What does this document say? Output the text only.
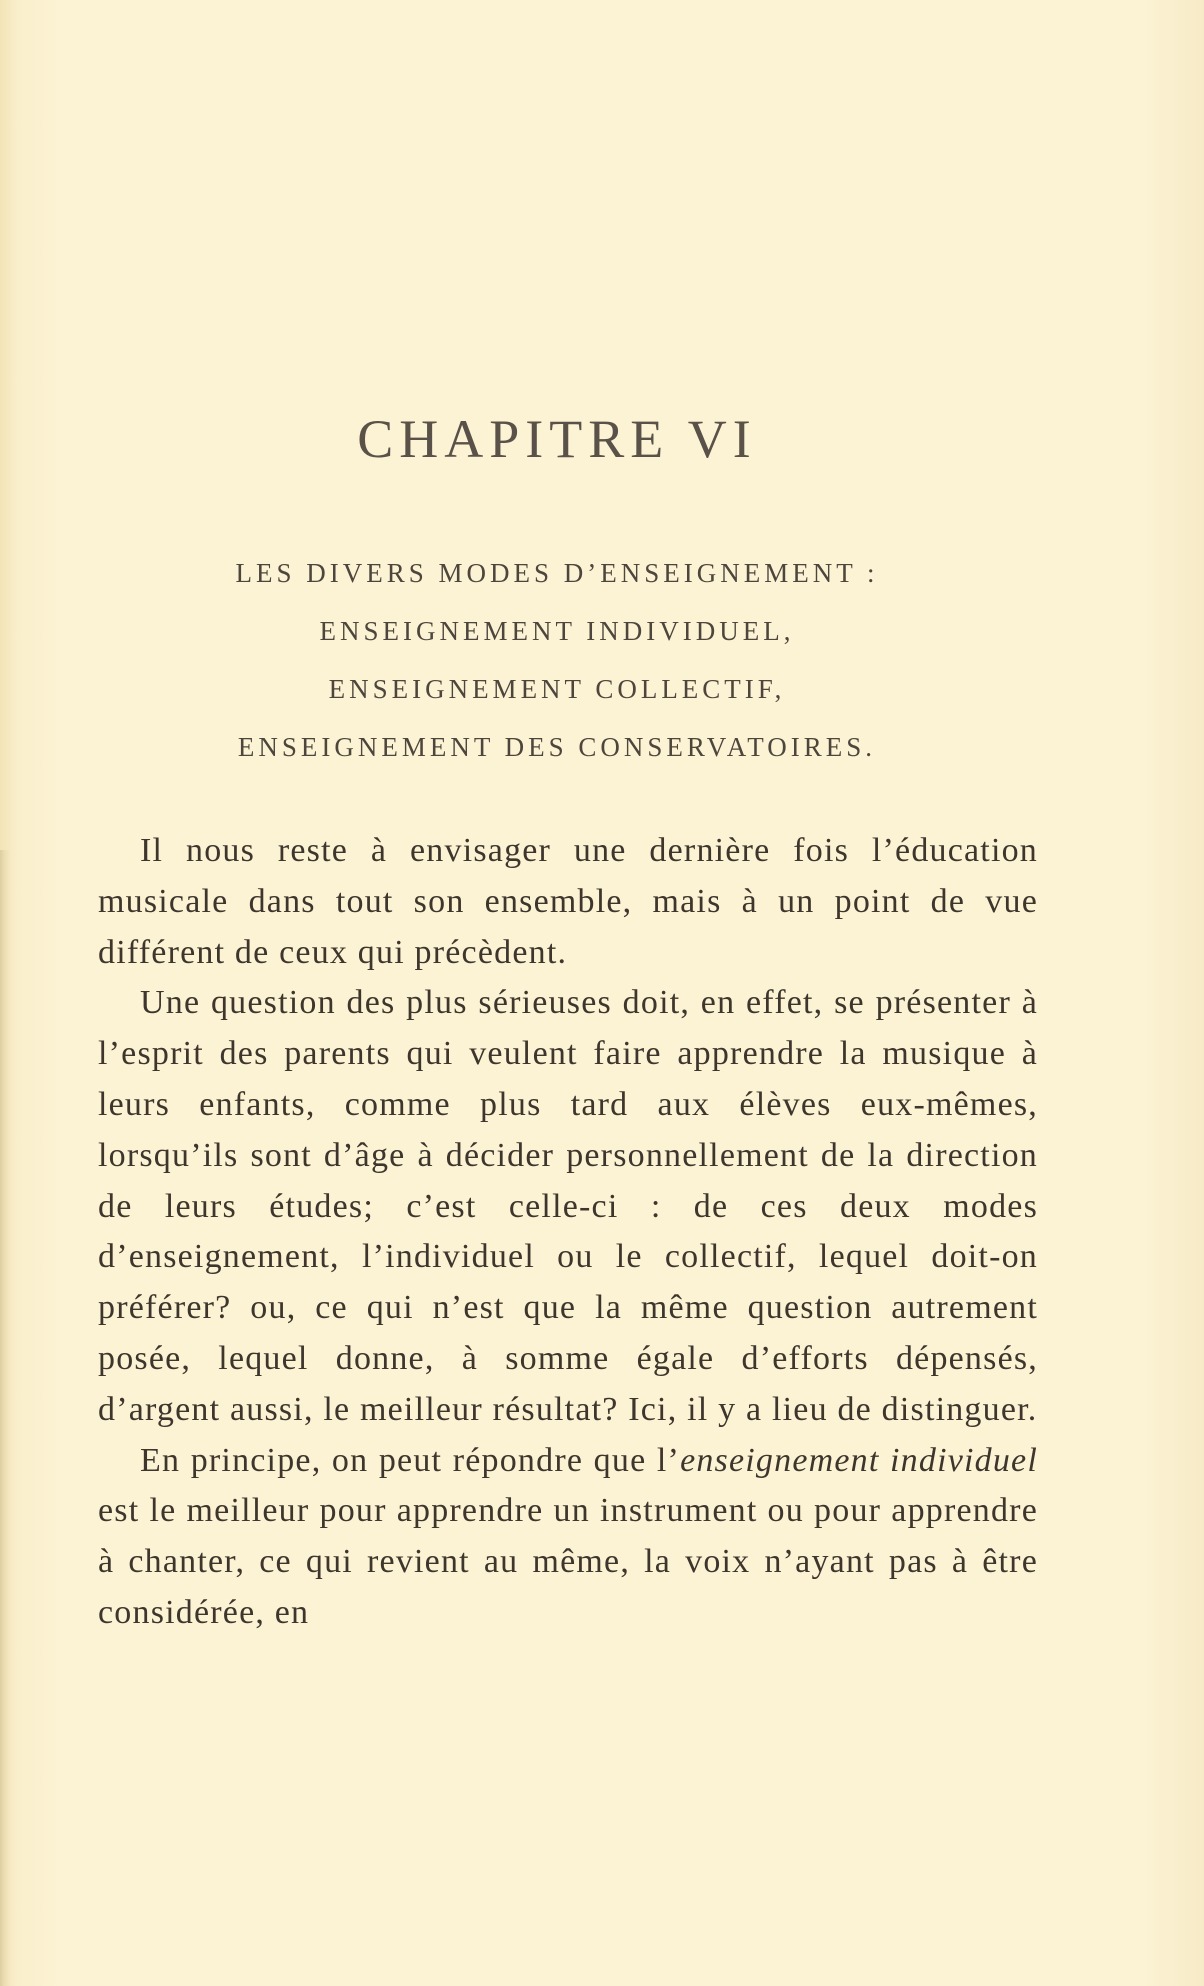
CHAPITRE VI
LES DIVERS MODES D’ENSEIGNEMENT :
ENSEIGNEMENT INDIVIDUEL,
ENSEIGNEMENT COLLECTIF,
ENSEIGNEMENT DES CONSERVATOIRES.

Il nous reste à envisager une dernière fois l’éducation musicale dans tout son ensemble, mais à un point de vue différent de ceux qui précèdent.

Une question des plus sérieuses doit, en effet, se présenter à l’esprit des parents qui veulent faire apprendre la musique à leurs enfants, comme plus tard aux élèves eux-mêmes, lorsqu’ils sont d’âge à décider personnellement de la direction de leurs études; c’est celle-ci : de ces deux modes d’enseignement, l’individuel ou le collectif, lequel doit-on préférer? ou, ce qui n’est que la même question autrement posée, lequel donne, à somme égale d’efforts dépensés, d’argent aussi, le meilleur résultat? Ici, il y a lieu de distinguer.

En principe, on peut répondre que l’enseignement individuel est le meilleur pour apprendre un instrument ou pour apprendre à chanter, ce qui revient au même, la voix n’ayant pas à être considérée, en
